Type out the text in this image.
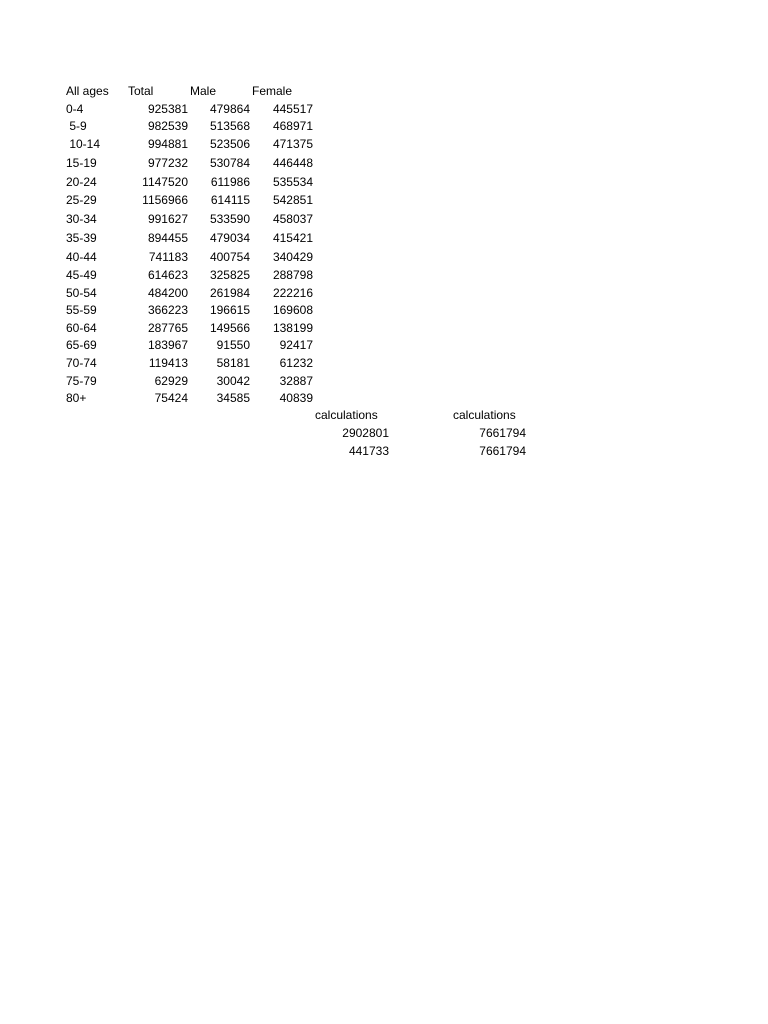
All ages Total	Male	Female
0-4	925381	479864	445517
5-9	982539	513568	468971
10-14	994881	523506	471375
15-19	977232	530784	446448
20-24	1147520	611986	535534
25-29	1156966	614115	542851
30-34	991627	533590	458037
35-39	894455	479034	415421
40-44	741183	400754	340429
45-49	614623	325825	288798
50-54	484200	261984	222216
55-59	366223	196615	169608
60-64	287765	149566	138199
65-69	183967	91550	92417
70-74	119413	58181	61232
75-79	62929	30042	32887
80+	75424	34585	40839
calculations	calculations
2902801	7661794
441733	7661794
